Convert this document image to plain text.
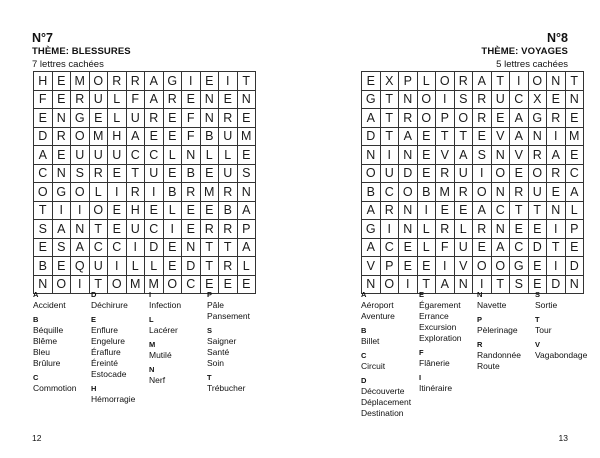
N°7
THÈME: BLESSURES
7 lettres cachées
H E M O R R A G I	E	I	T
F E R U L F A R E N E N
E N G E L U R E F N R E
D R O M H A E E F B U M
A E U U U C C L N L L E
C N S R E T U E B E U S
O G O L	I R I	B R M R N
T	I	I O E H E L E E B A
S A N T E U C I	E R R P
E S A C C I D E N T T A
B E Q U I	L L E D T R L
N O I	T O M M O C E E E
A
Accident
B
Béquille
Blême
Bleu
Brûlure
C
Commotion
D
Déchirure
E
Enflure
Engelure
Éraflure
Éreinté
Estocade
H
Hémorragie
I
Infection
L
Lacérer
M
Mutilé
N
Nerf
P
Pâle
Pansement
S
Saigner
Santé
Soin
T
Trébucher
12
N°8
THÈME: VOYAGES
5 lettres cachées
E X P L O R A T	I O N T
G T N O I	S R U C X E N
A T R O P O R E A G R E
D T A E T T E V A N I M
N I N E V A S N V R A E
O U D E R U I O E O R C
B C O B M R O N R U E A
A R N I	E E A C T T N L
G I N L R L R N E E	I	P
A C E L F U E A C D T E
V P E E	I	V O O G E	I D
N O I	T A N I	T S E D N
A
Aéroport
Aventure
B
Billet
C
Circuit
D
Découverte
Déplacement
Destination
E
Égarement
Errance
Excursion
Exploration
F
Flânerie
I
Itinéraire
N
Navette
P
Pèlerinage
R
Randonnée
Route
S
Sortie
T
Tour
V
Vagabondage
13
